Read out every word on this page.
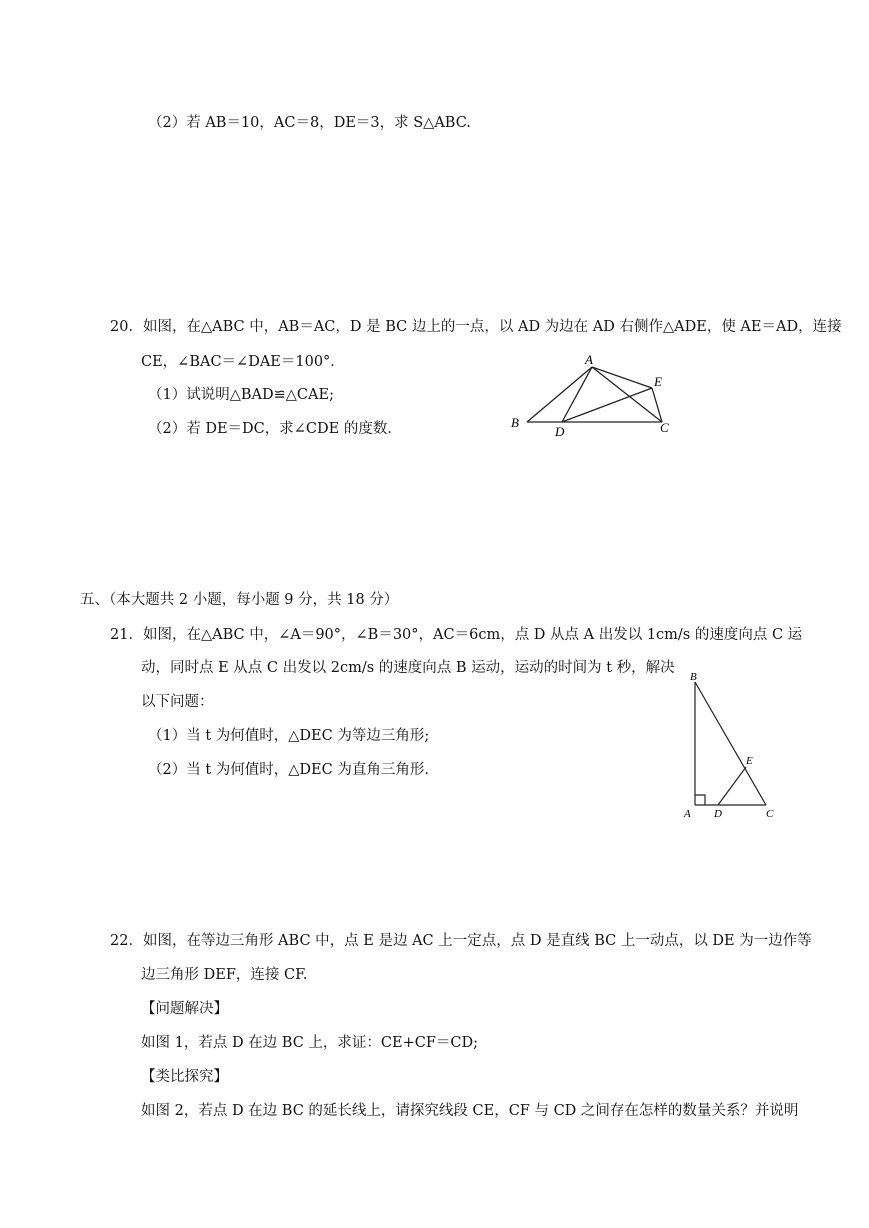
（2）若 AB＝10，AC＝8，DE＝3，求 S△ABC.
20．如图，在△ABC 中，AB＝AC，D 是 BC 边上的一点，以 AD 为边在 AD 右侧作△ADE，使 AE＝AD，连接
CE，∠BAC＝∠DAE＝100°．
（1）试说明△BAD≌△CAE;
（2）若 DE＝DC，求∠CDE 的度数．
A
E
B
D	C
五、（本大题共 2 小题，每小题 9 分，共 18 分）
21．如图，在△ABC 中，∠A＝90°，∠B＝30°，AC＝6cm，点 D 从点 A 出发以 1cm/s 的速度向点 C 运
动，同时点 E 从点 C 出发以 2cm/s 的速度向点 B 运动，运动的时间为 t 秒，解决
以下问题：
（1）当 t 为何值时，△DEC 为等边三角形;
（2）当 t 为何值时，△DEC 为直角三角形．
B
E
A D	C
22．如图，在等边三角形 ABC 中，点 E 是边 AC 上一定点，点 D 是直线 BC 上一动点，以 DE 为一边作等
边三角形 DEF，连接 CF.
【问题解决】
如图 1，若点 D 在边 BC 上，求证：CE+CF＝CD;
【类比探究】
如图 2，若点 D 在边 BC 的延长线上，请探究线段 CE，CF 与 CD 之间存在怎样的数量关系？并说明
